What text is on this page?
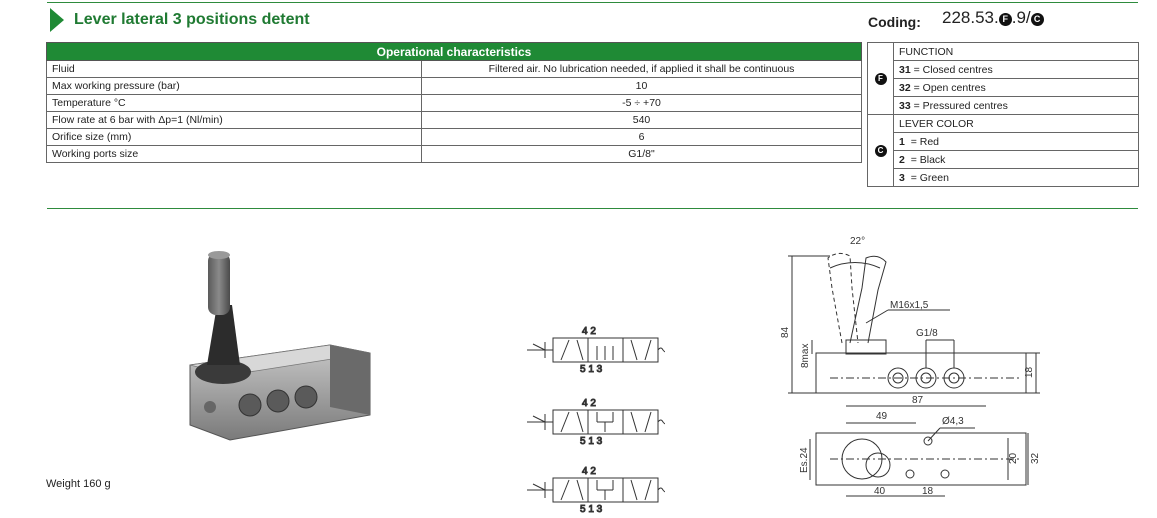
Lever lateral 3 positions detent	Coding: 228.53. F .9/ C
Operational characteristics	
Fluid	Filtered air. No lubrication needed, if applied it shall be continuous
Max working pressure (bar)	10
Temperature °C	-5 ÷ +70
Flow rate at 6 bar with Δp=1 (Nl/min)	540
Orifice size (mm)	6
Working ports size	G1/8"
F	FUNCTION
	31 = Closed centres
	32 = Open centres
	33 = Pressured centres
C	LEVER COLOR
	1 = Red
	2 = Black
	3 = Green
4 2
5 1 3
4 2
5 1 3
4 2
5 1 3
22°
M16x1,5
G1/8
84
8max
87
18
49	Ø4,3
Es.24	20 32
40	18
Weight 160 g
